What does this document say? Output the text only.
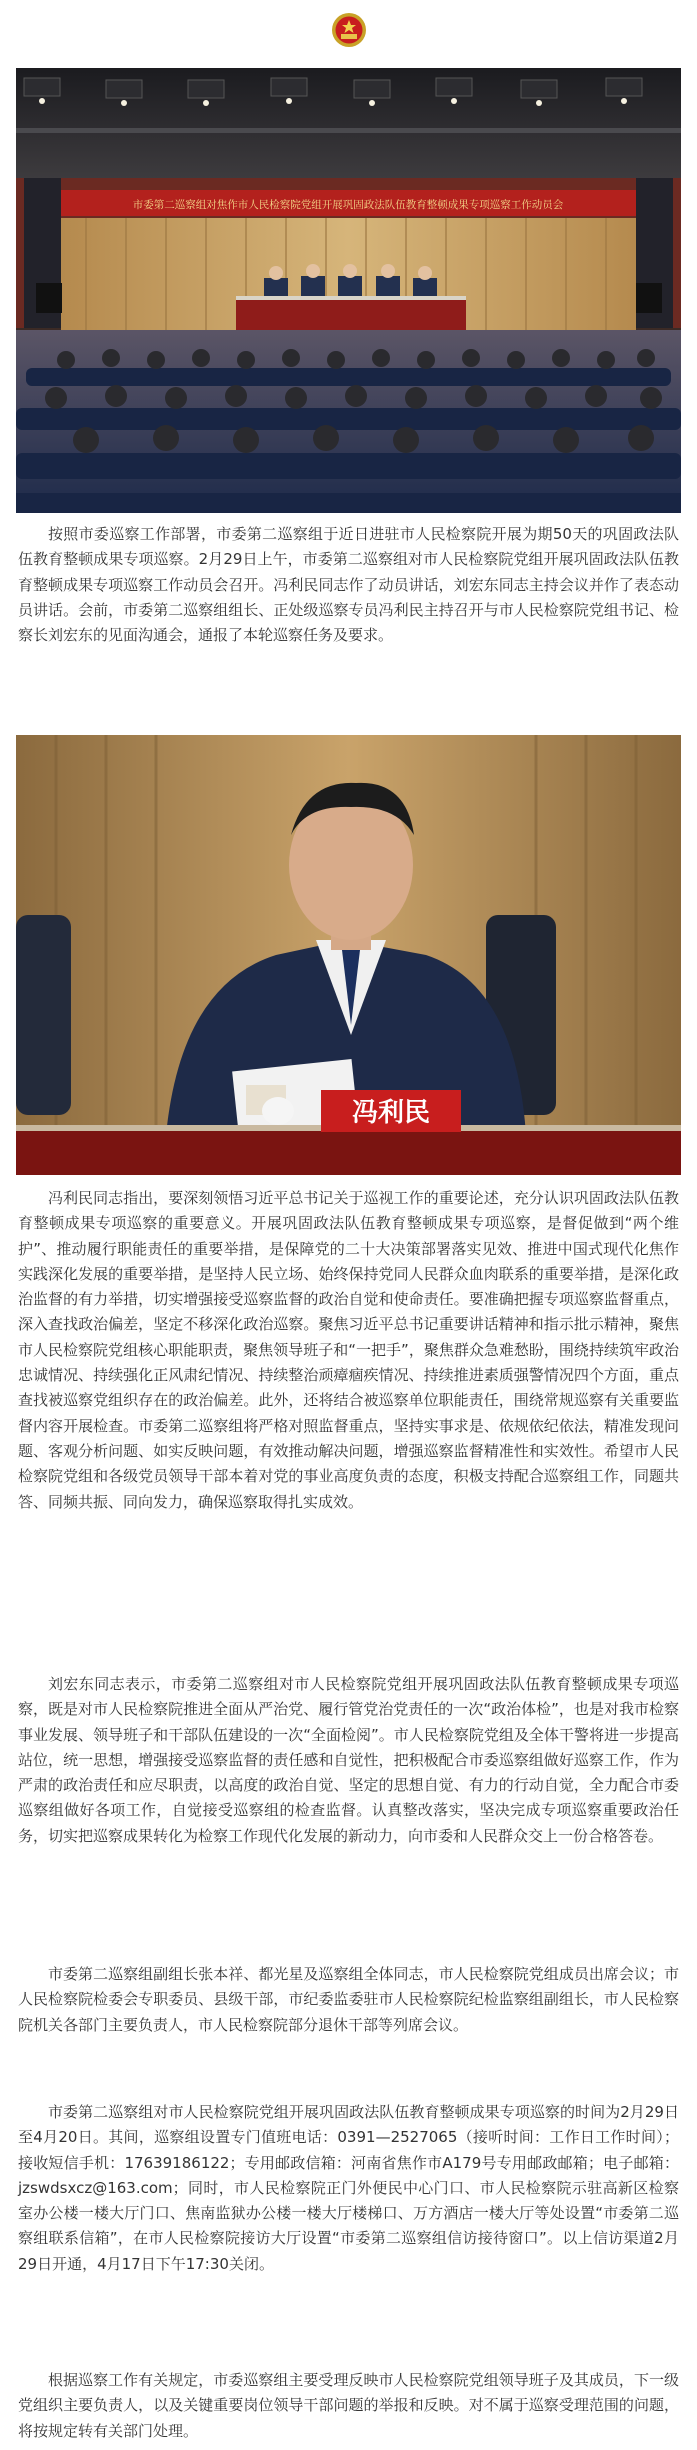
市委第二巡察组对焦作市人民检察院党组开展巩固政法队伍教育整顿成果专项巡察工作动员会

按照市委巡察工作部署，市委第二巡察组于近日进驻市人民检察院开展为期50天的巩固政法队伍教育整顿成果专项巡察。2月29日上午，市委第二巡察组对市人民检察院党组开展巩固政法队伍教育整顿成果专项巡察工作动员会召开。冯利民同志作了动员讲话，刘宏东同志主持会议并作了表态动员讲话。会前，市委第二巡察组组长、正处级巡察专员冯利民主持召开与市人民检察院党组书记、检察长刘宏东的见面沟通会，通报了本轮巡察任务及要求。

冯利民

冯利民同志指出，要深刻领悟习近平总书记关于巡视工作的重要论述，充分认识巩固政法队伍教育整顿成果专项巡察的重要意义。开展巩固政法队伍教育整顿成果专项巡察，是督促做到“两个维护”、推动履行职能责任的重要举措，是保障党的二十大决策部署落实见效、推进中国式现代化焦作实践深化发展的重要举措，是坚持人民立场、始终保持党同人民群众血肉联系的重要举措，是深化政治监督的有力举措，切实增强接受巡察监督的政治自觉和使命责任。要准确把握专项巡察监督重点，深入查找政治偏差，坚定不移深化政治巡察。聚焦习近平总书记重要讲话精神和指示批示精神，聚焦市人民检察院党组核心职能职责，聚焦领导班子和“一把手”，聚焦群众急难愁盼，围绕持续筑牢政治忠诚情况、持续强化正风肃纪情况、持续整治顽瘴痼疾情况、持续推进素质强警情况四个方面，重点查找被巡察党组织存在的政治偏差。此外，还将结合被巡察单位职能责任，围绕常规巡察有关重要监督内容开展检查。市委第二巡察组将严格对照监督重点，坚持实事求是、依规依纪依法，精准发现问题、客观分析问题、如实反映问题，有效推动解决问题，增强巡察监督精准性和实效性。希望市人民检察院党组和各级党员领导干部本着对党的事业高度负责的态度，积极支持配合巡察组工作，同题共答、同频共振、同向发力，确保巡察取得扎实成效。

刘宏东同志表示，市委第二巡察组对市人民检察院党组开展巩固政法队伍教育整顿成果专项巡察，既是对市人民检察院推进全面从严治党、履行管党治党责任的一次“政治体检”，也是对我市检察事业发展、领导班子和干部队伍建设的一次“全面检阅”。市人民检察院党组及全体干警将进一步提高站位，统一思想，增强接受巡察监督的责任感和自觉性，把积极配合市委巡察组做好巡察工作，作为严肃的政治责任和应尽职责，以高度的政治自觉、坚定的思想自觉、有力的行动自觉，全力配合市委巡察组做好各项工作，自觉接受巡察组的检查监督。认真整改落实，坚决完成专项巡察重要政治任务，切实把巡察成果转化为检察工作现代化发展的新动力，向市委和人民群众交上一份合格答卷。

市委第二巡察组副组长张本祥、都光星及巡察组全体同志，市人民检察院党组成员出席会议；市人民检察院检委会专职委员、县级干部，市纪委监委驻市人民检察院纪检监察组副组长，市人民检察院机关各部门主要负责人，市人民检察院部分退休干部等列席会议。

市委第二巡察组对市人民检察院党组开展巩固政法队伍教育整顿成果专项巡察的时间为2月29日至4月20日。其间，巡察组设置专门值班电话：0391—2527065（接听时间：工作日工作时间）；接收短信手机：17639186122；专用邮政信箱：河南省焦作市A179号专用邮政邮箱；电子邮箱：jzswdsxcz@163.com；同时，市人民检察院正门外便民中心门口、市人民检察院示驻高新区检察室办公楼一楼大厅门口、焦南监狱办公楼一楼大厅楼梯口、万方酒店一楼大厅等处设置“市委第二巡察组联系信箱”，在市人民检察院接访大厅设置“市委第二巡察组信访接待窗口”。以上信访渠道2月29日开通，4月17日下午17:30关闭。

根据巡察工作有关规定，市委巡察组主要受理反映市人民检察院党组领导班子及其成员，下一级党组织主要负责人，以及关键重要岗位领导干部问题的举报和反映。对不属于巡察受理范围的问题，将按规定转有关部门处理。
